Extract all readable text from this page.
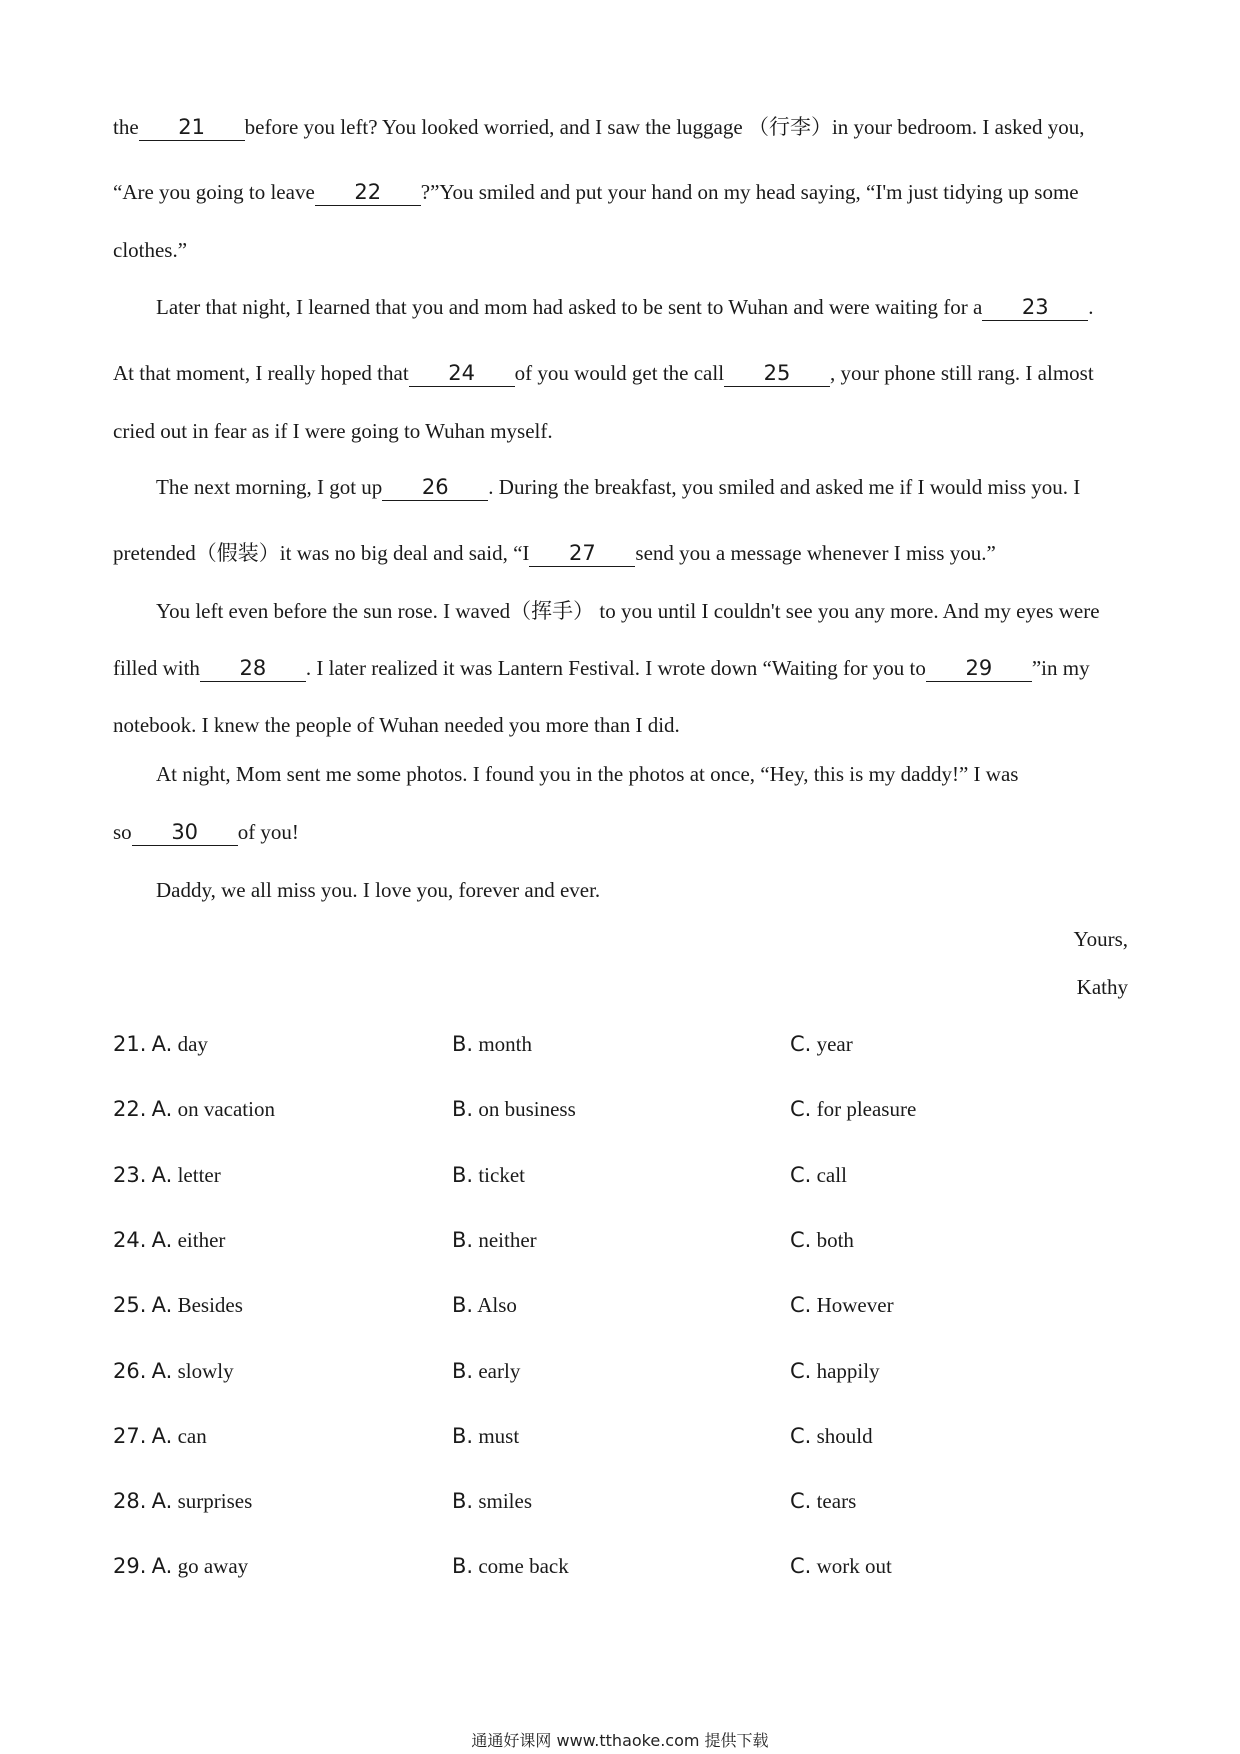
the 21 before you left? You looked worried, and I saw the luggage （行李）in your bedroom. I asked you,
“Are you going to leave 22 ?”You smiled and put your hand on my head saying, “I'm just tidying up some
clothes.”
Later that night, I learned that you and mom had asked to be sent to Wuhan and were waiting for a 23 .
At that moment, I really hoped that 24 of you would get the call 25 , your phone still rang. I almost
cried out in fear as if I were going to Wuhan myself.
The next morning, I got up 26 . During the breakfast, you smiled and asked me if I would miss you. I
pretended（假装）it was no big deal and said, “I 27 send you a message whenever I miss you.”
You left even before the sun rose. I waved（挥手） to you until I couldn't see you any more. And my eyes were
filled with 28 . I later realized it was Lantern Festival. I wrote down “Waiting for you to 29 ”in my
notebook. I knew the people of Wuhan needed you more than I did.
At night, Mom sent me some photos. I found you in the photos at once, “Hey, this is my daddy!” I was
so 30 of you!
Daddy, we all miss you. I love you, forever and ever.
Yours,
Kathy
21. A. day	B. month	C. year
22. A. on vacation	B. on business	C. for pleasure
23. A. letter	B. ticket	C. call
24. A. either	B. neither	C. both
25. A. Besides	B. Also	C. However
26. A. slowly	B. early	C. happily
27. A. can	B. must	C. should
28. A. surprises	B. smiles	C. tears
29. A. go away	B. come back	C. work out
通通好课网 www.tthaoke.com 提供下载
